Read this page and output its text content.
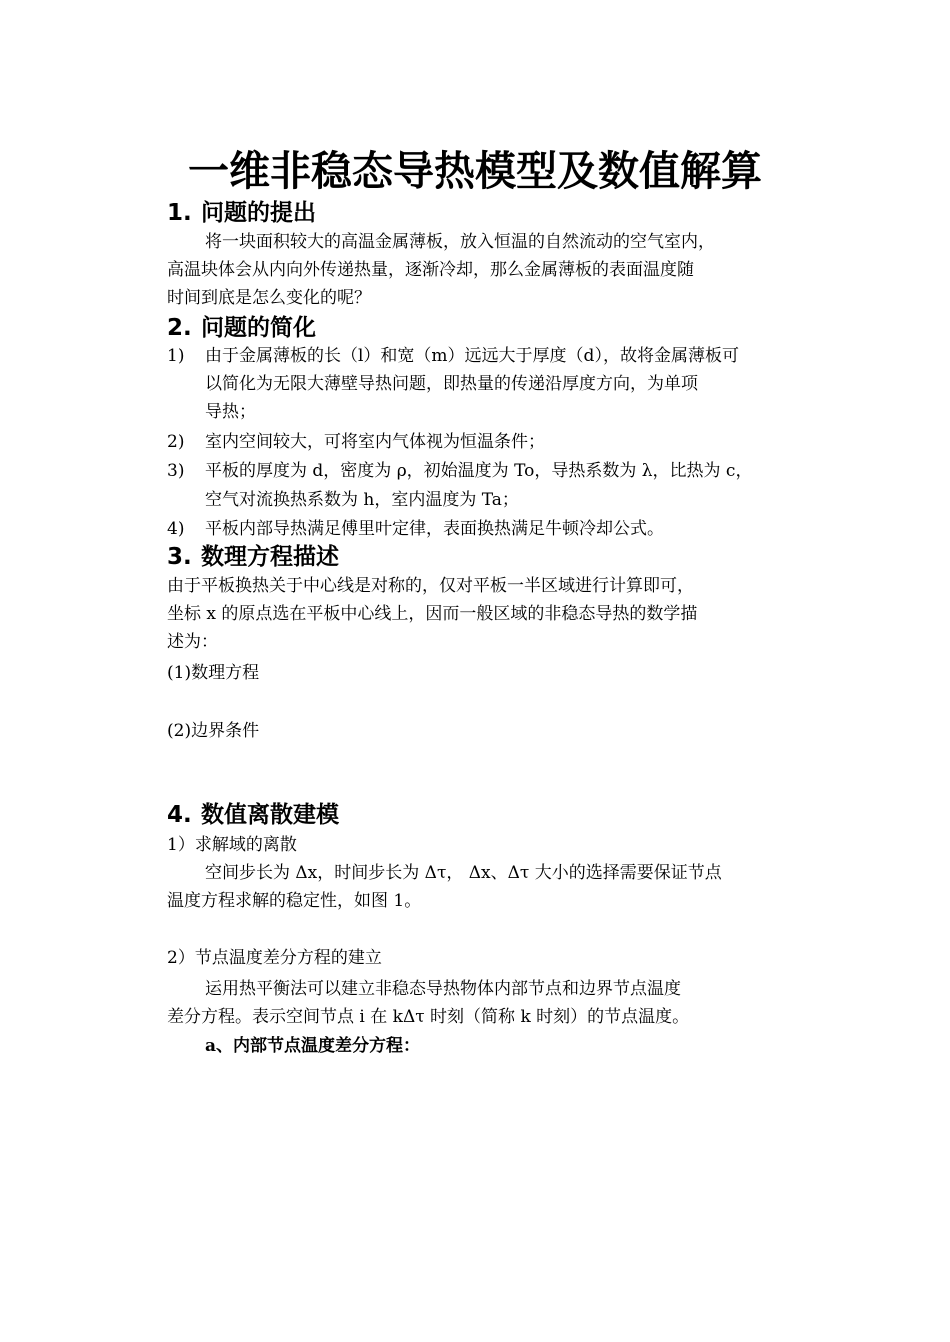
一维非稳态导热模型及数值解算
1. 问题的提出

将一块面积较大的高温金属薄板，放入恒温的自然流动的空气室内，

高温块体会从内向外传递热量，逐渐冷却，那么金属薄板的表面温度随

时间到底是怎么变化的呢？

2. 问题的简化
1) 由于金属薄板的长（l）和宽（m）远远大于厚度（d），故将金属薄板可
以简化为无限大薄壁导热问题，即热量的传递沿厚度方向，为单项
导热；
2) 室内空间较大，可将室内气体视为恒温条件；
3) 平板的厚度为 d，密度为 ρ，初始温度为 To，导热系数为 λ，比热为 c，
空气对流换热系数为 h，室内温度为 Ta；
4) 平板内部导热满足傅里叶定律，表面换热满足牛顿冷却公式。
3. 数理方程描述

由于平板换热关于中心线是对称的，仅对平板一半区域进行计算即可，

坐标 x 的原点选在平板中心线上，因而一般区域的非稳态导热的数学描

述为：

(1)数理方程

(2)边界条件

4. 数值离散建模

1）求解域的离散

空间步长为 Δx，时间步长为 Δτ， Δx、Δτ 大小的选择需要保证节点

温度方程求解的稳定性，如图 1。

2）节点温度差分方程的建立

运用热平衡法可以建立非稳态导热物体内部节点和边界节点温度

差分方程。表示空间节点 i 在 kΔτ 时刻（简称 k 时刻）的节点温度。

a、内部节点温度差分方程：
